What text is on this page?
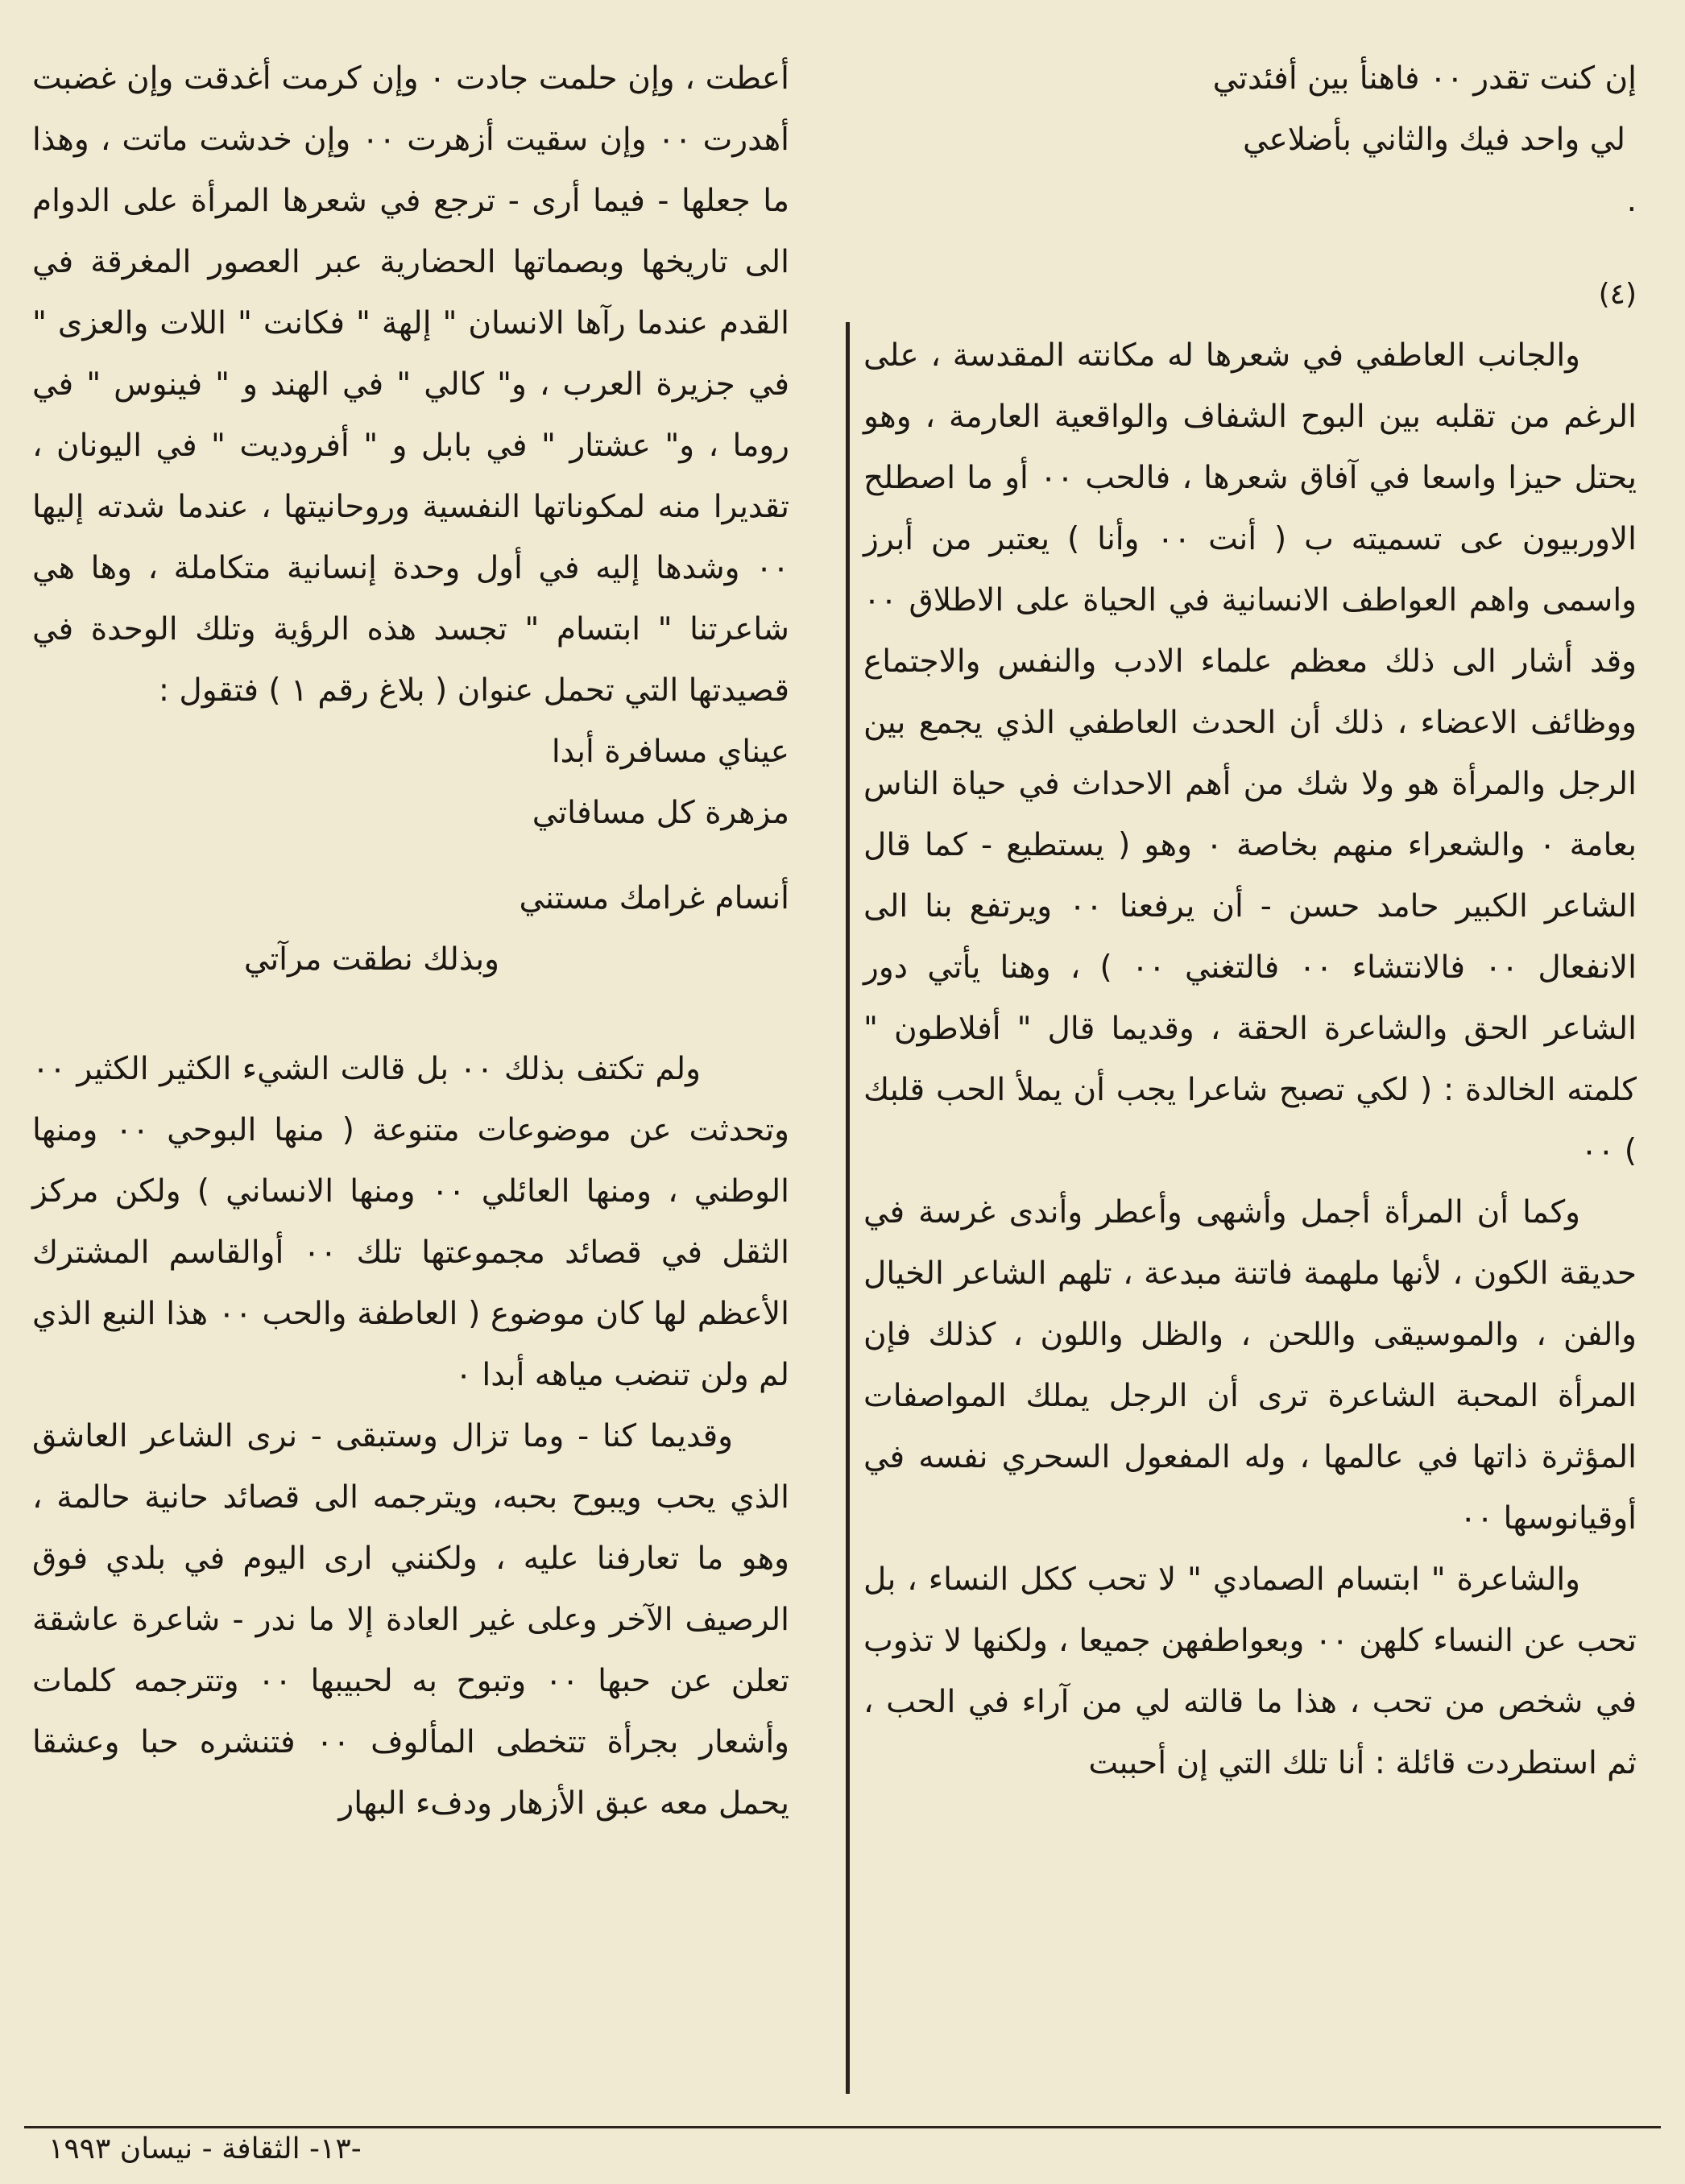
إن كنت تقدر ٠٠ فاهنأ بين أفئدتي
لي واحد فيك والثاني بأضلاعي
.
(٤)

والجانب العاطفي في شعرها له مكانته المقدسة ، على الرغم من تقلبه بين البوح الشفاف والواقعية العارمة ، وهو يحتل حيزا واسعا في آفاق شعرها ، فالحب ٠٠ أو ما اصطلح الاوربيون عى تسميته ب ( أنت ٠٠ وأنا ) يعتبر من أبرز واسمى واهم العواطف الانسانية في الحياة على الاطلاق ٠٠ وقد أشار الى ذلك معظم علماء الادب والنفس والاجتماع ووظائف الاعضاء ، ذلك أن الحدث العاطفي الذي يجمع بين الرجل والمرأة هو ولا شك من أهم الاحداث في حياة الناس بعامة ٠ والشعراء منهم بخاصة ٠ وهو ( يستطيع - كما قال الشاعر الكبير حامد حسن - أن يرفعنا ٠٠ ويرتفع بنا الى الانفعال ٠٠ فالانتشاء ٠٠ فالتغني ٠٠ ) ، وهنا يأتي دور الشاعر الحق والشاعرة الحقة ، وقديما قال " أفلاطون " كلمته الخالدة : ( لكي تصبح شاعرا يجب أن يملأ الحب قلبك ) ٠٠

وكما أن المرأة أجمل وأشهى وأعطر وأندى غرسة في حديقة الكون ، لأنها ملهمة فاتنة مبدعة ، تلهم الشاعر الخيال والفن ، والموسيقى واللحن ، والظل واللون ، كذلك فإن المرأة المحبة الشاعرة ترى أن الرجل يملك المواصفات المؤثرة ذاتها في عالمها ، وله المفعول السحري نفسه في أوقيانوسها ٠٠

والشاعرة " ابتسام الصمادي " لا تحب ككل النساء ، بل تحب عن النساء كلهن ٠٠ وبعواطفهن جميعا ، ولكنها لا تذوب في شخص من تحب ، هذا ما قالته لي من آراء في الحب ، ثم استطردت قائلة : أنا تلك التي إن أحببت

أعطت ، وإن حلمت جادت ٠ وإن كرمت أغدقت وإن غضبت أهدرت ٠٠ وإن سقيت أزهرت ٠٠ وإن خدشت ماتت ، وهذا ما جعلها - فيما أرى - ترجع في شعرها المرأة على الدوام الى تاريخها وبصماتها الحضارية عبر العصور المغرقة في القدم عندما رآها الانسان " إلهة " فكانت " اللات والعزى " في جزيرة العرب ، و" كالي " في الهند و " فينوس " في روما ، و" عشتار " في بابل و " أفروديت " في اليونان ، تقديرا منه لمكوناتها النفسية وروحانيتها ، عندما شدته إليها ٠٠ وشدها إليه في أول وحدة إنسانية متكاملة ، وها هي شاعرتنا " ابتسام " تجسد هذه الرؤية وتلك الوحدة في قصيدتها التي تحمل عنوان ( بلاغ رقم ١ ) فتقول :

عيناي مسافرة أبدا
مزهرة كل مسافاتي
أنسام غرامك مستني
وبذلك نطقت مرآتي

ولم تكتف بذلك ٠٠ بل قالت الشيء الكثير الكثير ٠٠ وتحدثت عن موضوعات متنوعة ( منها البوحي ٠٠ ومنها الوطني ، ومنها العائلي ٠٠ ومنها الانساني ) ولكن مركز الثقل في قصائد مجموعتها تلك ٠٠ أوالقاسم المشترك الأعظم لها كان موضوع ( العاطفة والحب ٠٠ هذا النبع الذي لم ولن تنضب مياهه أبدا ٠

وقديما كنا - وما تزال وستبقى - نرى الشاعر العاشق الذي يحب ويبوح بحبه، ويترجمه الى قصائد حانية حالمة ، وهو ما تعارفنا عليه ، ولكنني ارى اليوم في بلدي فوق الرصيف الآخر وعلى غير العادة إلا ما ندر - شاعرة عاشقة تعلن عن حبها ٠٠ وتبوح به لحبيبها ٠٠ وتترجمه كلمات وأشعار بجرأة تتخطى المألوف ٠٠ فتنشره حبا وعشقا يحمل معه عبق الأزهار ودفء البهار

-١٣- الثقافة - نيسان ١٩٩٣
